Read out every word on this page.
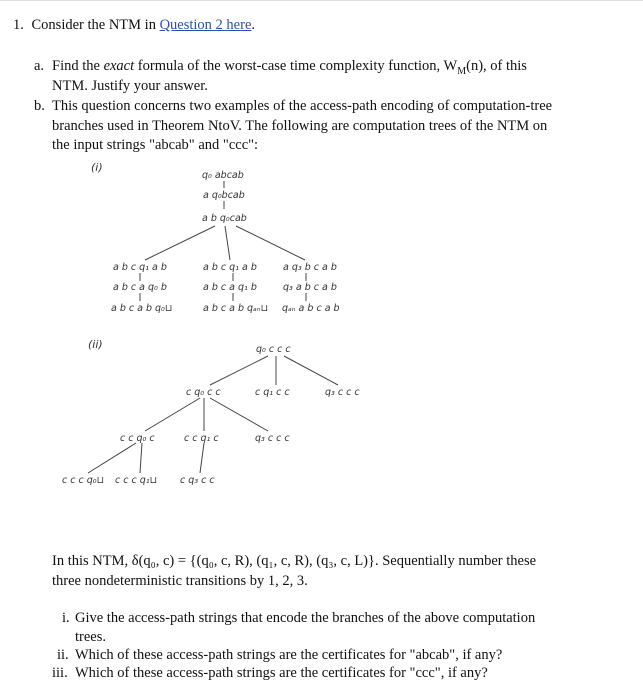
1. Consider the NTM in Question 2 here.
a. Find the exact formula of the worst-case time complexity function, $W_M(n)$, of this
NTM. Justify your answer.
b. This question concerns two examples of the access-path encoding of computation-tree
branches used in Theorem NtoV. The following are computation trees of the NTM on
the input strings "abcab" and "ccc":
(i)
q₀ abcab
a q₀bcab
a b q₀cab
a b c q₁ a b
a b c a q₀ b
a b c a b q₀⊔
a b c q₁ a b
a b c a q₁ b
a b c a b qₐₙ⊔
a q₃ b c a b
q₃ a b c a b
qₐₙ a b c a b
(ii)	q₀ c c c
c q₀ c c	c q₁ c c	q₃ c c c
c c q₀ c	c c q₁ c	q₃ c c c
c c c q₀⊔ c c c q₁⊔ c q₃ c c
In this NTM, δ(q₀, c) = {(q₀, c, R), (q₁, c, R), (q₃, c, L)}. Sequentially number these
three nondeterministic transitions by 1, 2, 3.
i. Give the access-path strings that encode the branches of the above computation
trees.
ii. Which of these access-path strings are the certificates for "abcab", if any?
iii. Which of these access-path strings are the certificates for "ccc", if any?
